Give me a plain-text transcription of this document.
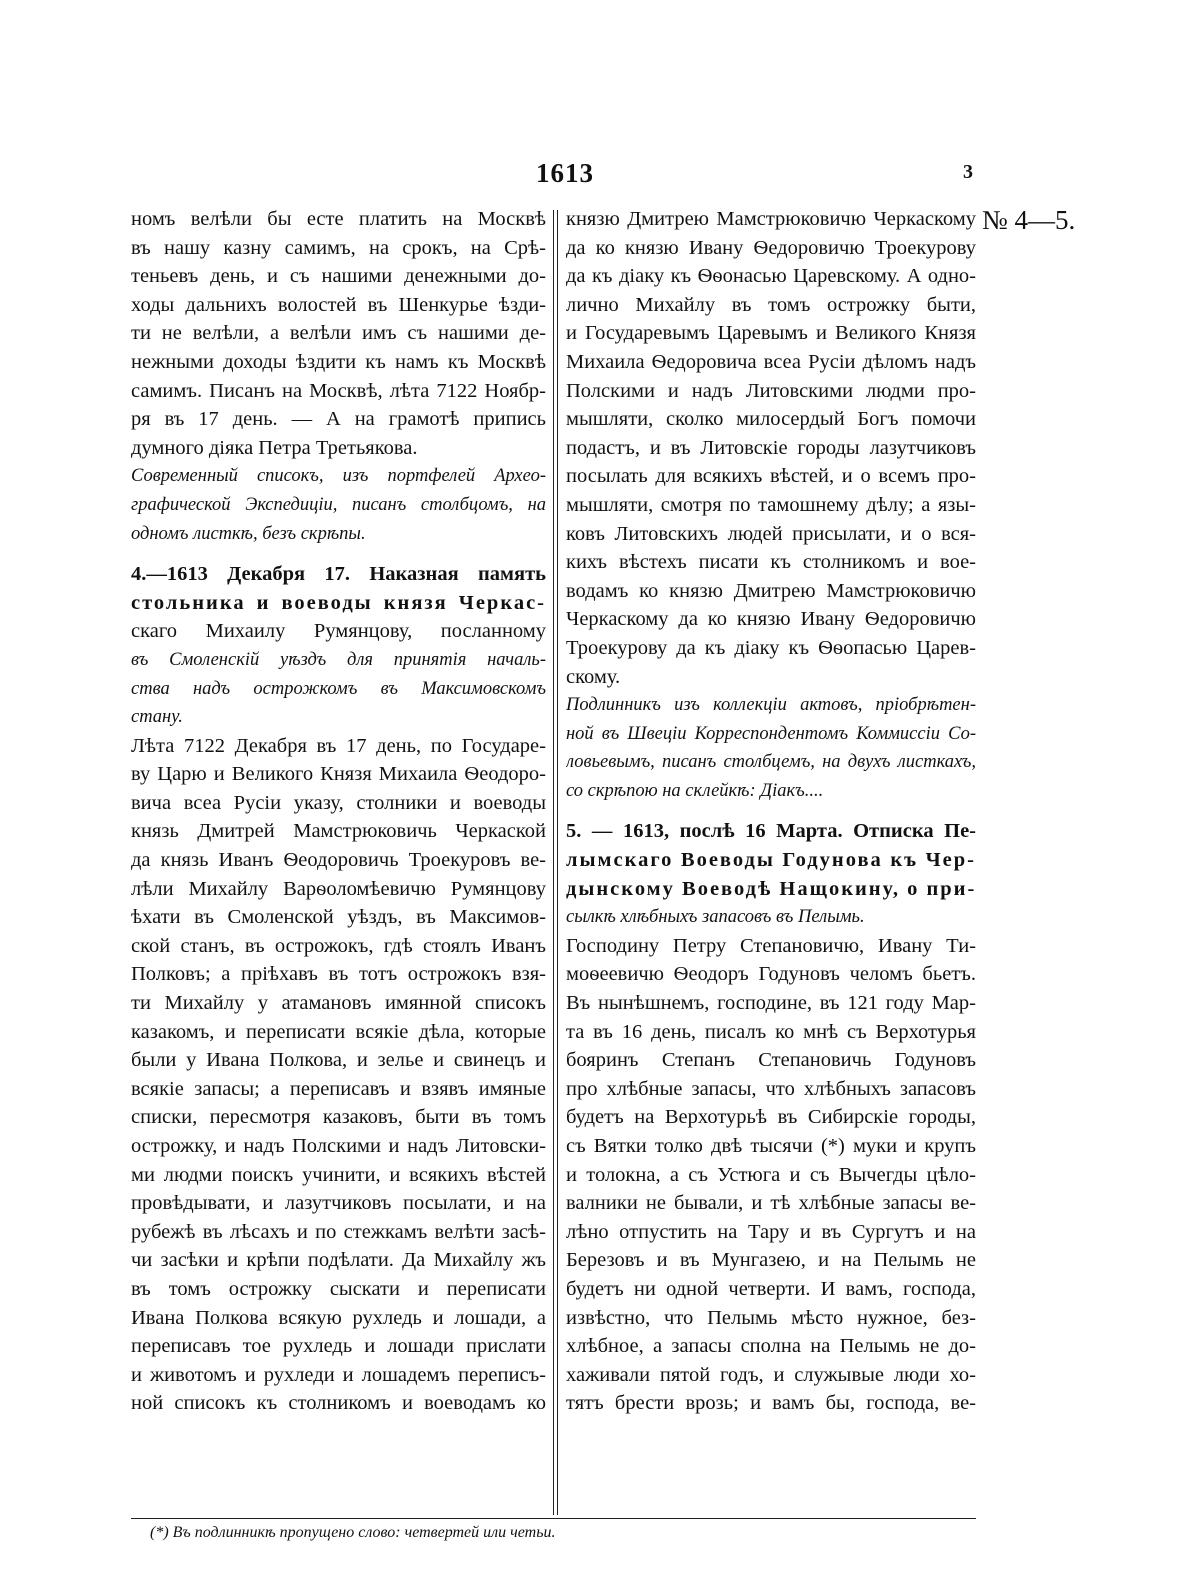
1613	3
№ 4—5.
номъ велѣли бы есте платить на Москвѣ
въ нашу казну самимъ, на срокъ, на Срѣ-
теньевъ день, и съ нашими денежными до-
ходы дальнихъ волостей въ Шенкурье ѣзди-
ти не велѣли, а велѣли имъ съ нашими де-
нежными доходы ѣздити къ намъ къ Москвѣ
самимъ. Писанъ на Москвѣ, лѣта 7122 Ноябр-
ря въ 17 день. — А на грамотѣ припись
думного дiяка Петра Третьякова.
Современный списокъ, изъ портфелей Архео-
графической Экспедицiи, писанъ столбцомъ, на
одномъ листкѣ, безъ скрѣпы.
4.—1613 Декабря 17. Наказная память
стольника и воеводы князя Черкас-
скаго Михаилу Румянцову, посланному
въ Смоленскiй уѣздъ для принятiя началь-
ства надъ острожкомъ въ Максимовскомъ
стану.
Лѣта 7122 Декабря въ 17 день, по Государе-
ву Царю и Великого Князя Михаила Ѳеодоро-
вича всеа Русiи указу, столники и воеводы
князь Дмитрей Мамстрюковичь Черкаской
да князь Иванъ Ѳеодоровичь Троекуровъ ве-
лѣли Михайлу Варѳоломѣевичю Румянцову
ѣхати въ Смоленской уѣздъ, въ Максимов-
ской станъ, въ острожокъ, гдѣ стоялъ Иванъ
Полковъ; а прiѣхавъ въ тотъ острожокъ взя-
ти Михайлу у атамановъ имянной списокъ
казакомъ, и переписати всякiе дѣла, которые
были у Ивана Полкова, и зелье и свинецъ и
всякiе запасы; а переписавъ и взявъ имяные
списки, пересмотря казаковъ, быти въ томъ
острожку, и надъ Полскими и надъ Литовски-
ми людми поискъ учинити, и всякихъ вѣстей
провѣдывати, и лазутчиковъ посылати, и на
рубежѣ въ лѣсахъ и по стежкамъ велѣти засѣ-
чи засѣки и крѣпи подѣлати. Да Михайлу жъ
въ томъ острожку сыскати и переписати
Ивана Полкова всякую рухледь и лошади, а
переписавъ тое рухледь и лошади прислати
и животомъ и рухледи и лошадемъ переписъ-
ной списокъ къ столникомъ и воеводамъ ко
князю Дмитрею Мамстрюковичю Черкаскому
да ко князю Ивану Ѳедоровичю Троекурову
да къ дiаку къ Ѳѳонасью Царевскому. А одно-
лично Михайлу въ томъ острожку быти,
и Государевымъ Царевымъ и Великого Князя
Михаила Ѳедоровича всеа Русiи дѣломъ надъ
Полскими и надъ Литовскими людми про-
мышляти, сколко милосердый Богъ помочи
подастъ, и въ Литовскiе городы лазутчиковъ
посылать для всякихъ вѣстей, и о всемъ про-
мышляти, смотря по тамошнему дѣлу; а язы-
ковъ Литовскихъ людей присылати, и о вся-
кихъ вѣстехъ писати къ столникомъ и вое-
водамъ ко князю Дмитрею Мамстрюковичю
Черкаскому да ко князю Ивану Ѳедоровичю
Троекурову да къ дiаку къ Ѳѳопасью Царев-
скому.
Подлинникъ изъ коллекцiи актовъ, прiобрѣтен-
ной въ Швецiи Корреспондентомъ Коммиссiи Со-
ловьевымъ, писанъ столбцемъ, на двухъ листкахъ,
со скрѣпою на склейкѣ: Дiакъ....
5. — 1613, послѣ 16 Марта. Отписка Пе-
лымскаго Воеводы Годунова къ Чер-
дынскому Воеводѣ Нащокину, о при-
сылкѣ хлѣбныхъ запасовъ въ Пелымь.
Господину Петру Степановичю, Ивану Ти-
моѳеевичю Ѳеодоръ Годуновъ челомъ бьетъ.
Въ нынѣшнемъ, господине, въ 121 году Мар-
та въ 16 день, писалъ ко мнѣ съ Верхотурья
бояринъ Степанъ Степановичь Годуновъ
про хлѣбные запасы, что хлѣбныхъ запасовъ
будетъ на Верхотурьѣ въ Сибирскiе городы,
съ Вятки толко двѣ тысячи (*) муки и крупъ
и толокна, а съ Устюга и съ Вычегды цѣло-
валники не бывали, и тѣ хлѣбные запасы ве-
лѣно отпустить на Тару и въ Сургутъ и на
Березовъ и въ Мунгазею, и на Пелымь не
будетъ ни одной четверти. И вамъ, господа,
извѣстно, что Пелымь мѣсто нужное, без-
хлѣбное, а запасы сполна на Пелымь не до-
хаживали пятой годъ, и служывые люди хо-
тятъ брести врозь; и вамъ бы, господа, ве-
(*) Въ подлинникѣ пропущено слово: четвертей или четьи.
